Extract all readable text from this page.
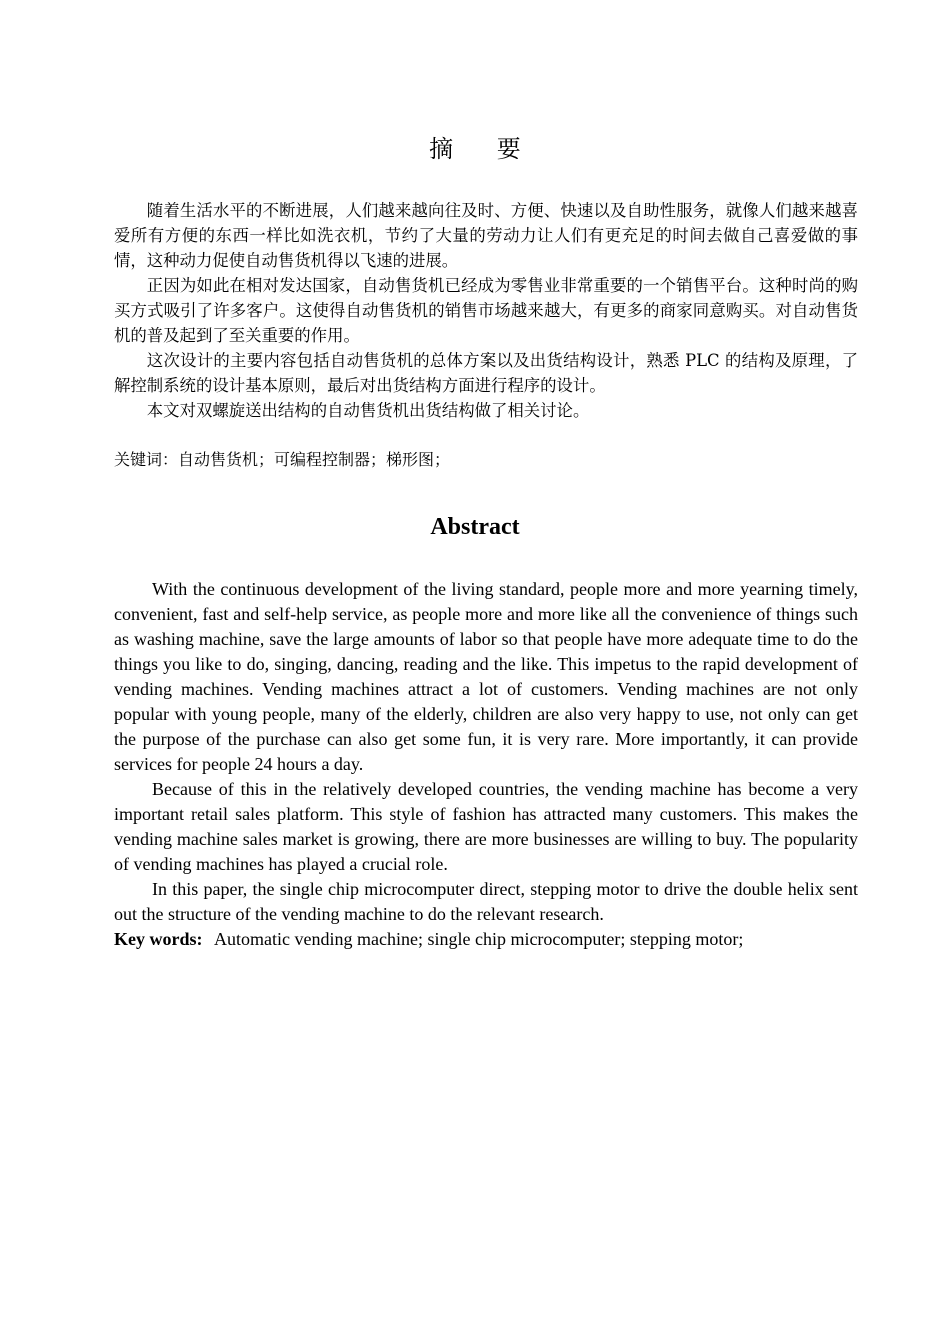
摘 要

随着生活水平的不断进展，人们越来越向往及时、方便、快速以及自助性服务，就像人们越来越喜爱所有方便的东西一样比如洗衣机，节约了大量的劳动力让人们有更充足的时间去做自己喜爱做的事情，这种动力促使自动售货机得以飞速的进展。

正因为如此在相对发达国家，自动售货机已经成为零售业非常重要的一个销售平台。这种时尚的购买方式吸引了许多客户。这使得自动售货机的销售市场越来越大，有更多的商家同意购买。对自动售货机的普及起到了至关重要的作用。

这次设计的主要内容包括自动售货机的总体方案以及出货结构设计，熟悉 PLC 的结构及原理，了解控制系统的设计基本原则，最后对出货结构方面进行程序的设计。

本文对双螺旋送出结构的自动售货机出货结构做了相关讨论。

关键词：自动售货机；可编程控制器；梯形图；
Abstract

With the continuous development of the living standard, people more and more yearning timely, convenient, fast and self-help service, as people more and more like all the convenience of things such as washing machine, save the large amounts of labor so that people have more adequate time to do the things you like to do, singing, dancing, reading and the like. This impetus to the rapid development of vending machines. Vending machines attract a lot of customers. Vending machines are not only popular with young people, many of the elderly, children are also very happy to use, not only can get the purpose of the purchase can also get some fun, it is very rare. More importantly, it can provide services for people 24 hours a day.

Because of this in the relatively developed countries, the vending machine has become a very important retail sales platform. This style of fashion has attracted many customers. This makes the vending machine sales market is growing, there are more businesses are willing to buy. The popularity of vending machines has played a crucial role.

In this paper, the single chip microcomputer direct, stepping motor to drive the double helix sent out the structure of the vending machine to do the relevant research.

Key words: Automatic vending machine; single chip microcomputer; stepping motor;
